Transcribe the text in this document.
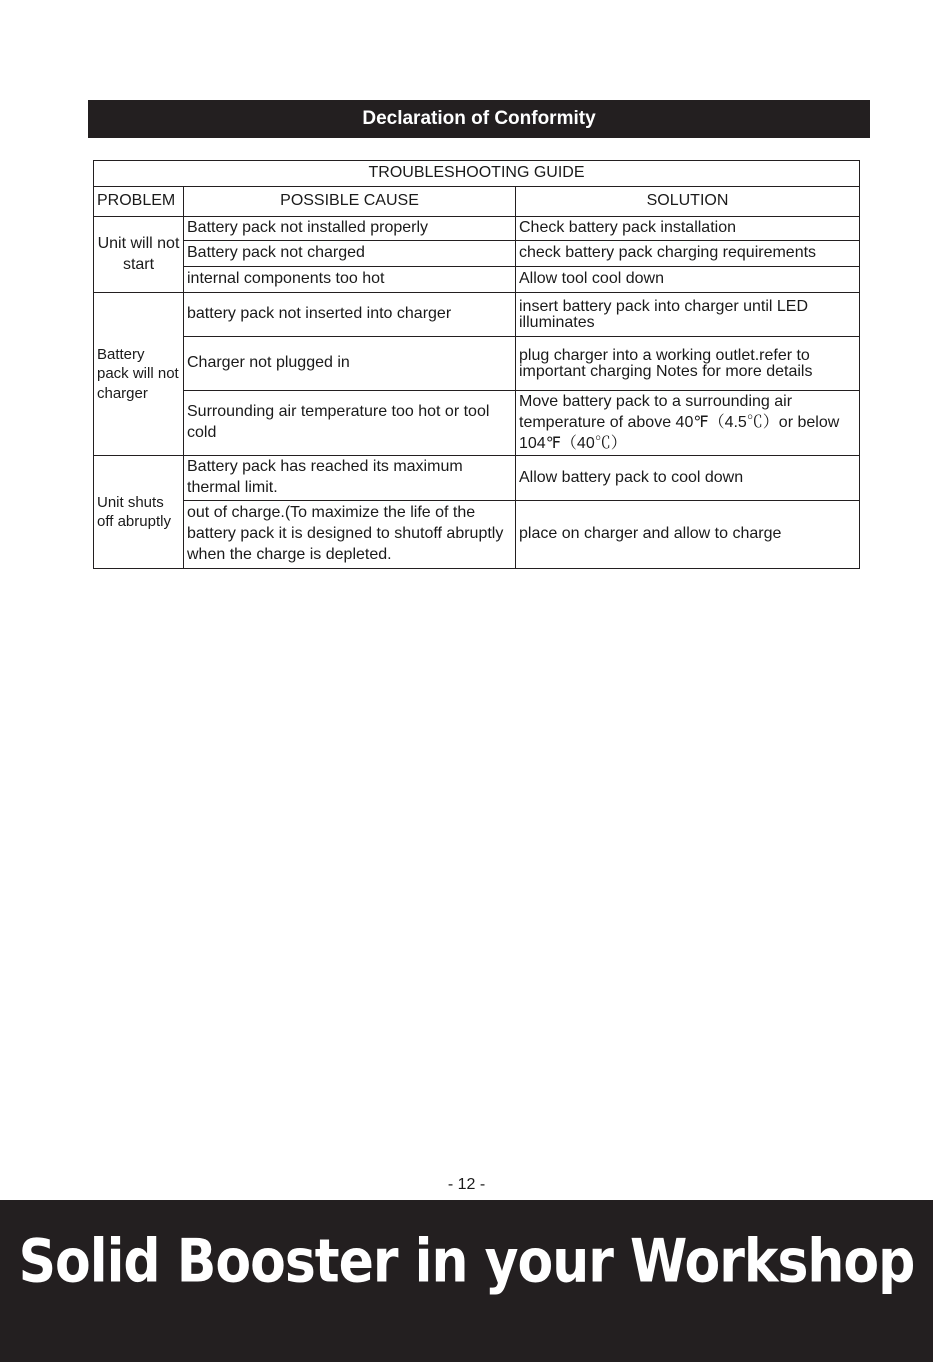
Declaration of Conformity
TROUBLESHOOTING GUIDE		
PROBLEM	POSSIBLE CAUSE	SOLUTION
Unit will not start	Battery pack not installed properly	Check battery pack installation
	Battery pack not charged	check battery pack charging requirements
	internal components too hot	Allow tool cool down
Battery pack will not charger	battery pack not inserted into charger	insert battery pack into charger until LED illuminates
	Charger not plugged in	plug charger into a working outlet.refer to important charging Notes for more details
	Surrounding air temperature too hot or tool cold	Move battery pack to a surrounding air temperature of above 40℉（4.5℃）or below 104℉（40℃）
Unit shuts off abruptly	Battery pack has reached its maximum thermal limit.	Allow battery pack to cool down
	out of charge.(To maximize the life of the battery pack it is designed to shutoff abruptly when the charge is depleted.	place on charger and allow to charge
- 12 -
Solid Booster in your Workshop
